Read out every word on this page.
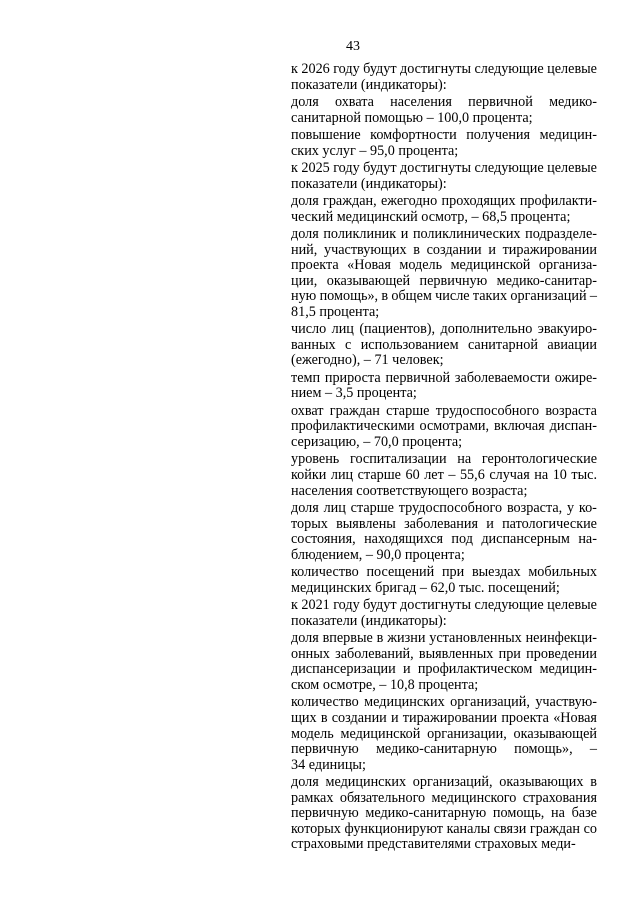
43
к 2026 году будут достигнуты следующие целевые
показатели (индикаторы):
доля охвата населения первичной медико-
санитарной помощью – 100,0 процента;
повышение комфортности получения медицин-
ских услуг – 95,0 процента;
к 2025 году будут достигнуты следующие целевые
показатели (индикаторы):
доля граждан, ежегодно проходящих профилакти-
ческий медицинский осмотр, – 68,5 процента;
доля поликлиник и поликлинических подразделе-
ний, участвующих в создании и тиражировании
проекта «Новая модель медицинской организа-
ции, оказывающей первичную медико-санитар-
ную помощь», в общем числе таких организаций –
81,5 процента;
число лиц (пациентов), дополнительно эвакуиро-
ванных с использованием санитарной авиации
(ежегодно), – 71 человек;
темп прироста первичной заболеваемости ожире-
нием – 3,5 процента;
охват граждан старше трудоспособного возраста
профилактическими осмотрами, включая диспан-
серизацию, – 70,0 процента;
уровень госпитализации на геронтологические
койки лиц старше 60 лет – 55,6 случая на 10 тыс.
населения соответствующего возраста;
доля лиц старше трудоспособного возраста, у ко-
торых выявлены заболевания и патологические
состояния, находящихся под диспансерным на-
блюдением, – 90,0 процента;
количество посещений при выездах мобильных
медицинских бригад – 62,0 тыс. посещений;
к 2021 году будут достигнуты следующие целевые
показатели (индикаторы):
доля впервые в жизни установленных неинфекци-
онных заболеваний, выявленных при проведении
диспансеризации и профилактическом медицин-
ском осмотре, – 10,8 процента;
количество медицинских организаций, участвую-
щих в создании и тиражировании проекта «Новая
модель медицинской организации, оказывающей
первичную медико-санитарную помощь», –
34 единицы;
доля медицинских организаций, оказывающих в
рамках обязательного медицинского страхования
первичную медико-санитарную помощь, на базе
которых функционируют каналы связи граждан со
страховыми представителями страховых меди-
